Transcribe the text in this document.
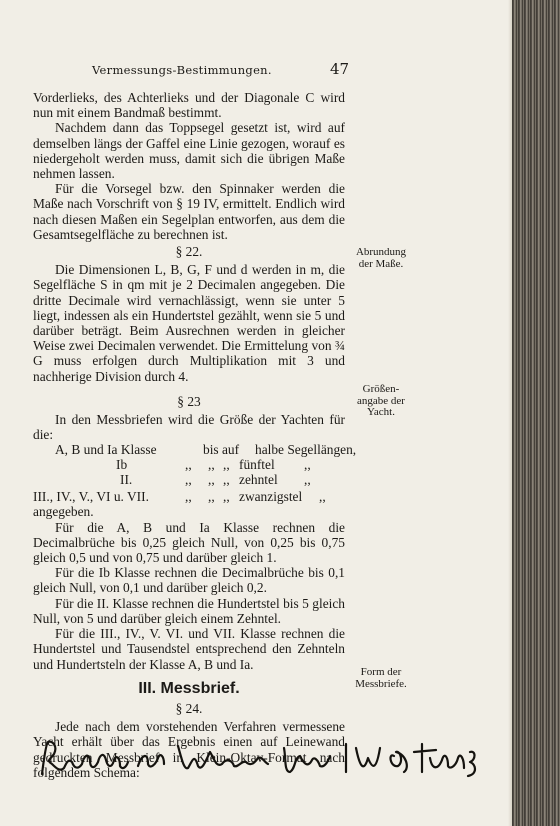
Vermessungs-Bestimmungen.	47

Vorderlieks, des Achterlieks und der Diagonale C wird nun mit einem Bandmaß bestimmt.

Nachdem dann das Toppsegel gesetzt ist, wird auf demselben längs der Gaffel eine Linie gezogen, worauf es niedergeholt werden muss, damit sich die übrigen Maße nehmen lassen.

Für die Vorsegel bzw. den Spinnaker werden die Maße nach Vorschrift von § 19 IV, ermittelt. Endlich wird nach diesen Maßen ein Segelplan entworfen, aus dem die Gesamtsegelfläche zu berechnen ist.

§ 22.

Die Dimensionen L, B, G, F und d werden in m, die Segelfläche S in qm mit je 2 Decimalen angegeben. Die dritte Decimale wird vernachlässigt, wenn sie unter 5 liegt, indessen als ein Hundertstel gezählt, wenn sie 5 und darüber beträgt. Beim Ausrechnen werden in gleicher Weise zwei Decimalen verwendet. Die Ermittelung von ¾ G muss erfolgen durch Multiplikation mit 3 und nachherige Division durch 4.

§ 23

In den Messbriefen wird die Größe der Yachten für die:

A, B und Ia Klasse	bis auf halbe Segellängen,
Ib	,, ,, ,, fünftel ,,
II.	,, ,, ,, zehntel ,,
III., IV., V., VI u. VII.	,, ,, ,, zwanzigstel ,,

angegeben.

Für die A, B und Ia Klasse rechnen die Decimalbrüche bis 0,25 gleich Null, von 0,25 bis 0,75 gleich 0,5 und von 0,75 und darüber gleich 1.

Für die Ib Klasse rechnen die Decimalbrüche bis 0,1 gleich Null, von 0,1 und darüber gleich 0,2.

Für die II. Klasse rechnen die Hundertstel bis 5 gleich Null, von 5 und darüber gleich einem Zehntel.

Für die III., IV., V. VI. und VII. Klasse rechnen die Hundertstel und Tausendstel entsprechend den Zehnteln und Hundertsteln der Klasse A, B und Ia.

III. Messbrief.
§ 24.

Jede nach dem vorstehenden Verfahren vermessene Yacht erhält über das Ergebnis einen auf Leinewand gedruckten Messbrief in Klein-Oktav-Format nach folgendem Schema:

Abrundung der Maße.
Größen-angabe der Yacht.
Form der Messbriefe.
